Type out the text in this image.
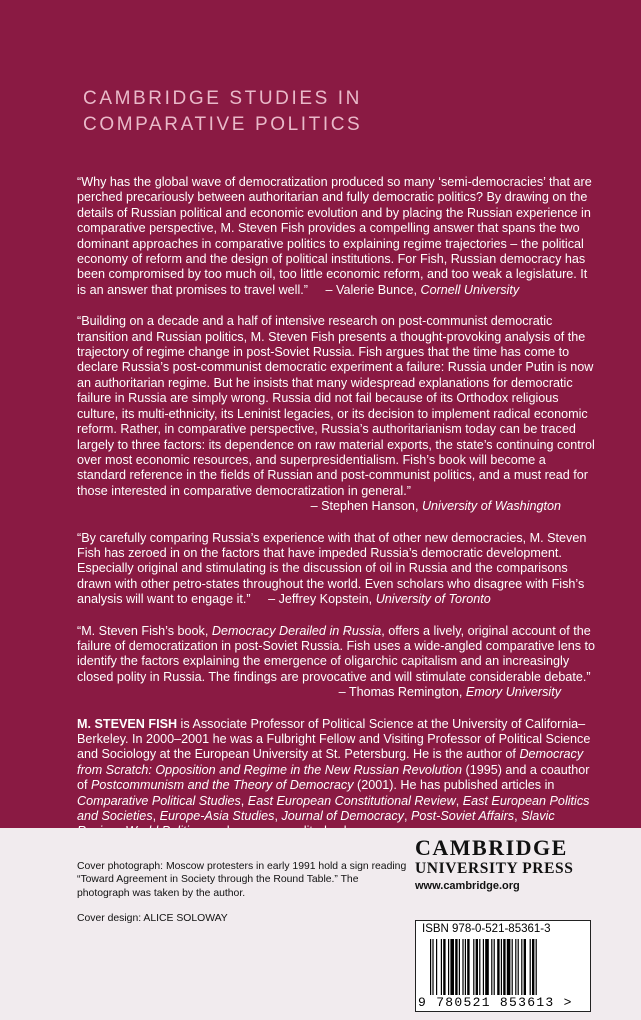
CAMBRIDGE STUDIES IN
COMPARATIVE POLITICS
“Why has the global wave of democratization produced so many ‘semi-democracies’ that are perched precariously between authoritarian and fully democratic politics? By drawing on the details of Russian political and economic evolution and by placing the Russian experience in comparative perspective, M. Steven Fish provides a compelling answer that spans the two dominant approaches in comparative politics to explaining regime trajectories – the political economy of reform and the design of political institutions. For Fish, Russian democracy has been compromised by too much oil, too little economic reform, and too weak a legislature. It is an answer that promises to travel well.” – Valerie Bunce, Cornell University
“Building on a decade and a half of intensive research on post-communist democratic transition and Russian politics, M. Steven Fish presents a thought-provoking analysis of the trajectory of regime change in post-Soviet Russia. Fish argues that the time has come to declare Russia’s post-communist democratic experiment a failure: Russia under Putin is now an authoritarian regime. But he insists that many widespread explanations for democratic failure in Russia are simply wrong. Russia did not fail because of its Orthodox religious culture, its multi-ethnicity, its Leninist legacies, or its decision to implement radical economic reform. Rather, in comparative perspective, Russia’s authoritarianism today can be traced largely to three factors: its dependence on raw material exports, the state’s continuing control over most economic resources, and superpresidentialism. Fish’s book will become a standard reference in the fields of Russian and post-communist politics, and a must read for those interested in comparative democratization in general.”
– Stephen Hanson, University of Washington
“By carefully comparing Russia’s experience with that of other new democracies, M. Steven Fish has zeroed in on the factors that have impeded Russia’s democratic development. Especially original and stimulating is the discussion of oil in Russia and the comparisons drawn with other petro-states throughout the world. Even scholars who disagree with Fish’s analysis will want to engage it.” – Jeffrey Kopstein, University of Toronto
“M. Steven Fish’s book, Democracy Derailed in Russia, offers a lively, original account of the failure of democratization in post-Soviet Russia. Fish uses a wide-angled comparative lens to identify the factors explaining the emergence of oligarchic capitalism and an increasingly closed polity in Russia. The findings are provocative and will stimulate considerable debate.”
– Thomas Remington, Emory University
M. STEVEN FISH is Associate Professor of Political Science at the University of California–Berkeley. In 2000–2001 he was a Fulbright Fellow and Visiting Professor of Political Science and Sociology at the European University at St. Petersburg. He is the author of Democracy from Scratch: Opposition and Regime in the New Russian Revolution (1995) and a coauthor of Postcommunism and the Theory of Democracy (2001). He has published articles in Comparative Political Studies, East European Constitutional Review, East European Politics and Societies, Europe-Asia Studies, Journal of Democracy, Post-Soviet Affairs, Slavic
Cover photograph: Moscow protesters in early 1991 hold a sign reading “Toward Agreement in Society through the Round Table.” The photograph was taken by the author.
Cover design: ALICE SOLOWAY
CAMBRIDGE
UNIVERSITY PRESS
www.cambridge.org
ISBN 978-0-521-85361-3
9 780521 853613 >
